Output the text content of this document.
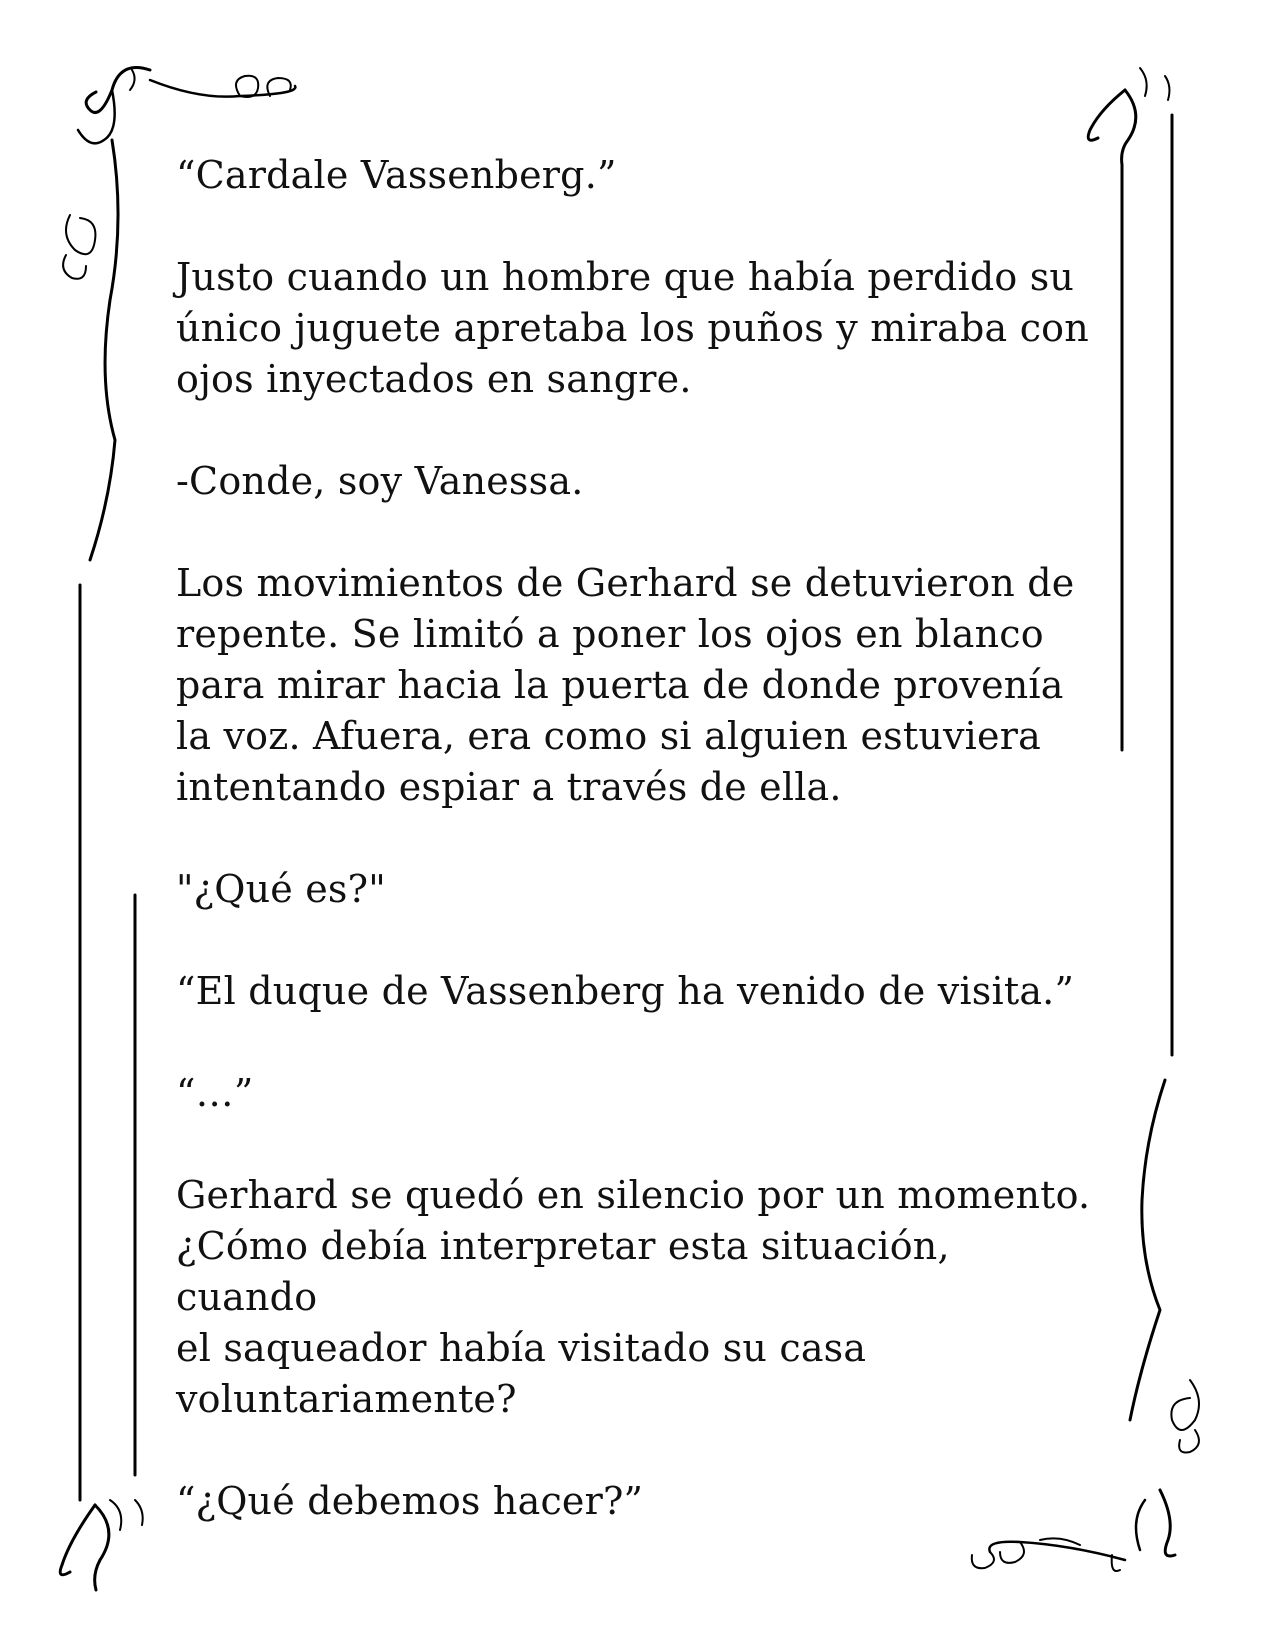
“Cardale Vassenberg.”

Justo cuando un hombre que había perdido su
único juguete apretaba los puños y miraba con
ojos inyectados en sangre.

-Conde, soy Vanessa.

Los movimientos de Gerhard se detuvieron de
repente. Se limitó a poner los ojos en blanco
para mirar hacia la puerta de donde provenía
la voz. Afuera, era como si alguien estuviera
intentando espiar a través de ella.

"¿Qué es?"

“El duque de Vassenberg ha venido de visita.”

“…”

Gerhard se quedó en silencio por un momento.
¿Cómo debía interpretar esta situación, cuando
el saqueador había visitado su casa
voluntariamente?

“¿Qué debemos hacer?”
